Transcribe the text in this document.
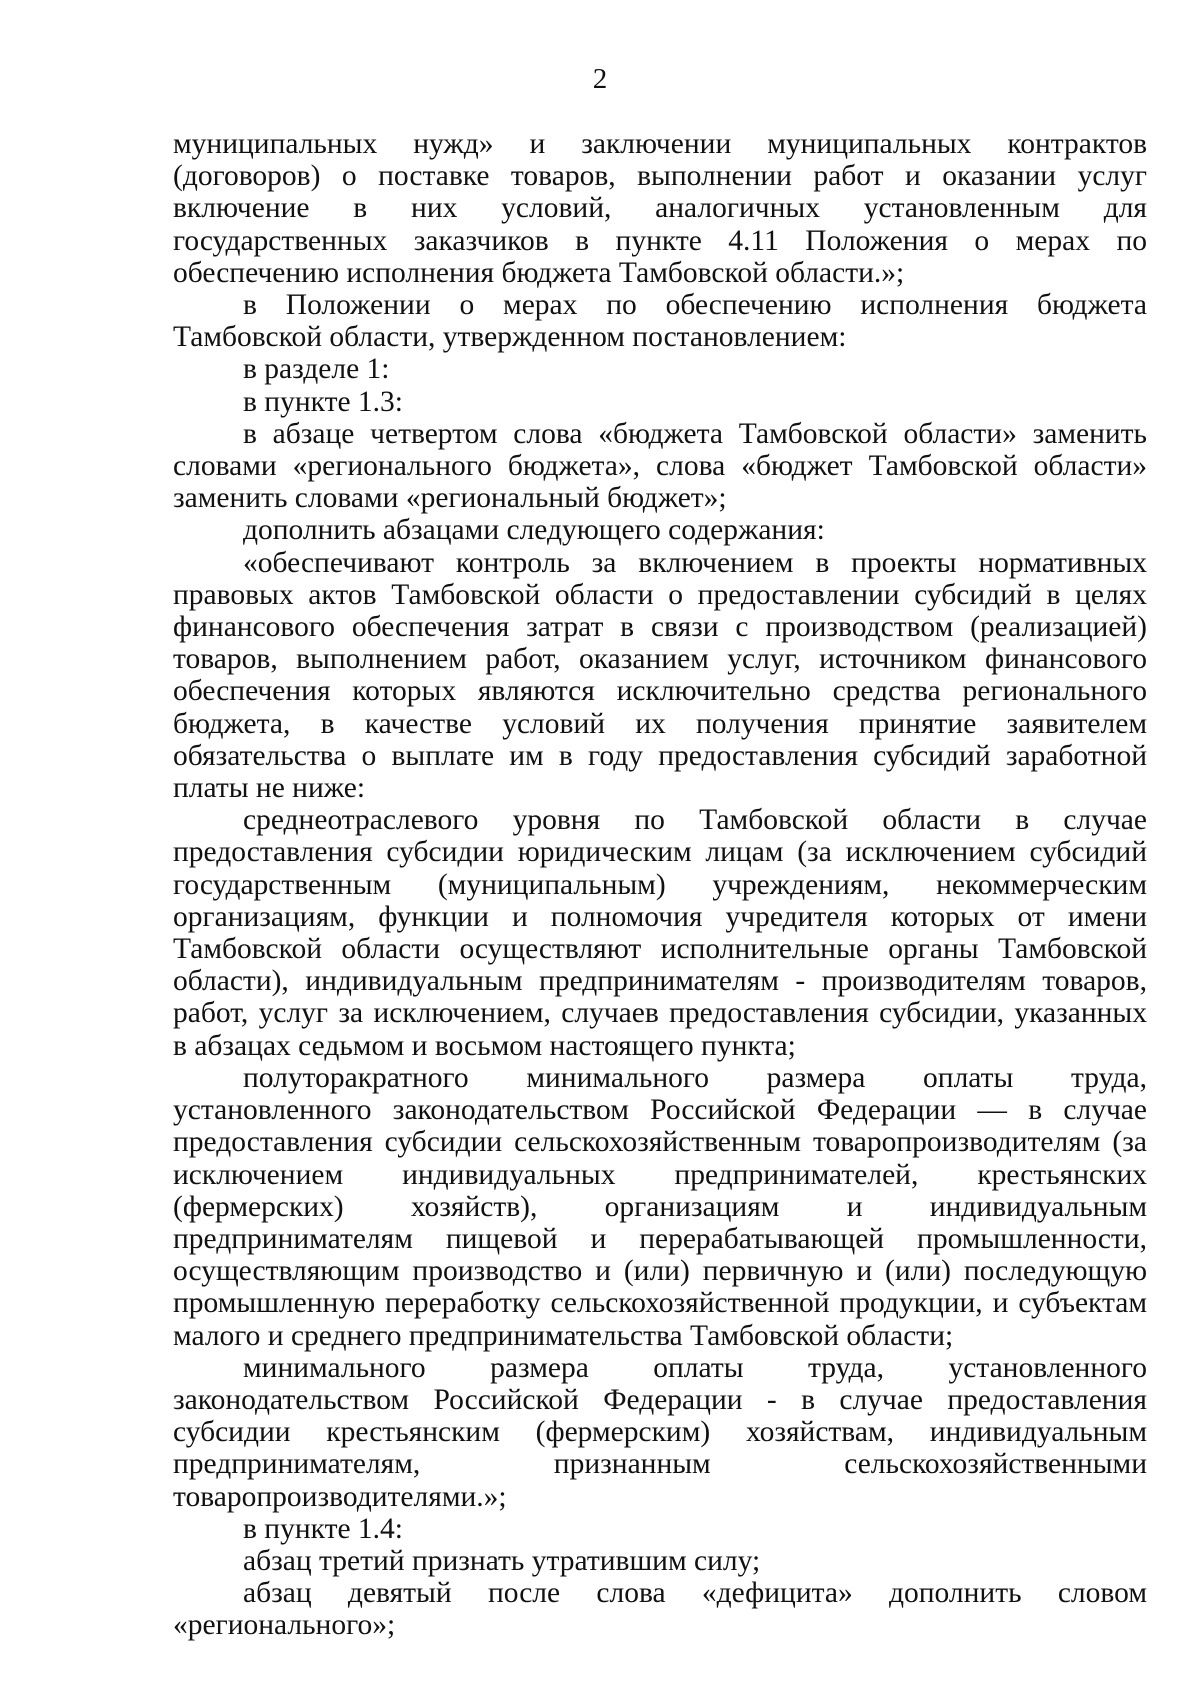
2

муниципальных нужд» и заключении муниципальных контрактов (договоров) о поставке товаров, выполнении работ и оказании услуг включение в них условий, аналогичных установленным для государственных заказчиков в пункте 4.11 Положения о мерах по обеспечению исполнения бюджета Тамбовской области.»;

в Положении о мерах по обеспечению исполнения бюджета Тамбовской области, утвержденном постановлением:

в разделе 1:

в пункте 1.3:

в абзаце четвертом слова «бюджета Тамбовской области» заменить словами «регионального бюджета», слова «бюджет Тамбовской области» заменить словами «региональный бюджет»;

дополнить абзацами следующего содержания:

«обеспечивают контроль за включением в проекты нормативных правовых актов Тамбовской области о предоставлении субсидий в целях финансового обеспечения затрат в связи с производством (реализацией) товаров, выполнением работ, оказанием услуг, источником финансового обеспечения которых являются исключительно средства регионального бюджета, в качестве условий их получения принятие заявителем обязательства о выплате им в году предоставления субсидий заработной платы не ниже:

среднеотраслевого уровня по Тамбовской области в случае предоставления субсидии юридическим лицам (за исключением субсидий государственным (муниципальным) учреждениям, некоммерческим организациям, функции и полномочия учредителя которых от имени Тамбовской области осуществляют исполнительные органы Тамбовской области), индивидуальным предпринимателям - производителям товаров, работ, услуг за исключением, случаев предоставления субсидии, указанных в абзацах седьмом и восьмом настоящего пункта;

полуторакратного минимального размера оплаты труда, установленного законодательством Российской Федерации — в случае предоставления субсидии сельскохозяйственным товаропроизводителям (за исключением индивидуальных предпринимателей, крестьянских (фермерских) хозяйств), организациям и индивидуальным предпринимателям пищевой и перерабатывающей промышленности, осуществляющим производство и (или) первичную и (или) последующую промышленную переработку сельскохозяйственной продукции, и субъектам малого и среднего предпринимательства Тамбовской области;

минимального размера оплаты труда, установленного законодательством Российской Федерации - в случае предоставления субсидии крестьянским (фермерским) хозяйствам, индивидуальным предпринимателям, признанным сельскохозяйственными товаропроизводителями.»;

в пункте 1.4:

абзац третий признать утратившим силу;

абзац девятый после слова «дефицита» дополнить словом «регионального»;
